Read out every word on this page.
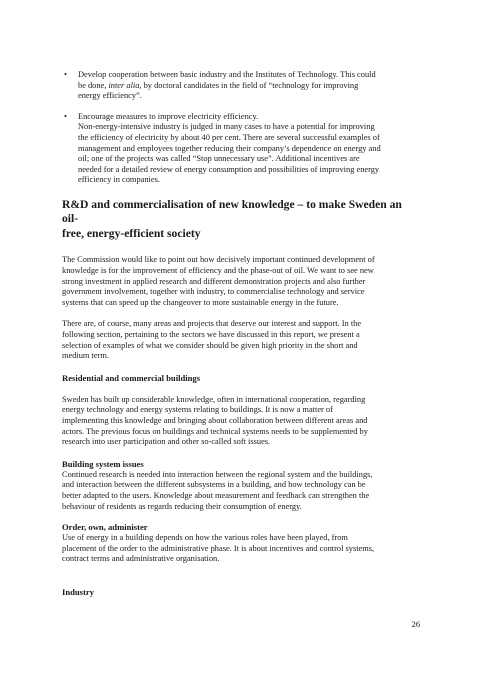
• Develop cooperation between basic industry and the Institutes of Technology. This could
be done, inter alia, by doctoral candidates in the field of “technology for improving
energy efficiency”.
• Encourage measures to improve electricity efficiency.
Non-energy-intensive industry is judged in many cases to have a potential for improving
the efficiency of electricity by about 40 per cent. There are several successful examples of
management and employees together reducing their company’s dependence on energy and
oil; one of the projects was called “Stop unnecessary use”. Additional incentives are
needed for a detailed review of energy consumption and possibilities of improving energy
efficiency in companies.
R&D and commercialisation of new knowledge – to make Sweden an oil-
free, energy-efficient society
The Commission would like to point out how decisively important continued development of
knowledge is for the improvement of efficiency and the phase-out of oil. We want to see new
strong investment in applied research and different demonstration projects and also further
government involvement, together with industry, to commercialise technology and service
systems that can speed up the changeover to more sustainable energy in the future.
There are, of course, many areas and projects that deserve our interest and support. In the
following section, pertaining to the sectors we have discussed in this report, we present a
selection of examples of what we consider should be given high priority in the short and
medium term.
Residential and commercial buildings
Sweden has built up considerable knowledge, often in international cooperation, regarding
energy technology and energy systems relating to buildings. It is now a matter of
implementing this knowledge and bringing about collaboration between different areas and
actors. The previous focus on buildings and technical systems needs to be supplemented by
research into user participation and other so-called soft issues.
Building system issues
Continued research is needed into interaction between the regional system and the buildings,
and interaction between the different subsystems in a building, and how technology can be
better adapted to the users. Knowledge about measurement and feedback can strengthen the
behaviour of residents as regards reducing their consumption of energy.
Order, own, administer
Use of energy in a building depends on how the various roles have been played, from
placement of the order to the administrative phase. It is about incentives and control systems,
contract terms and administrative organisation.
Industry
26
